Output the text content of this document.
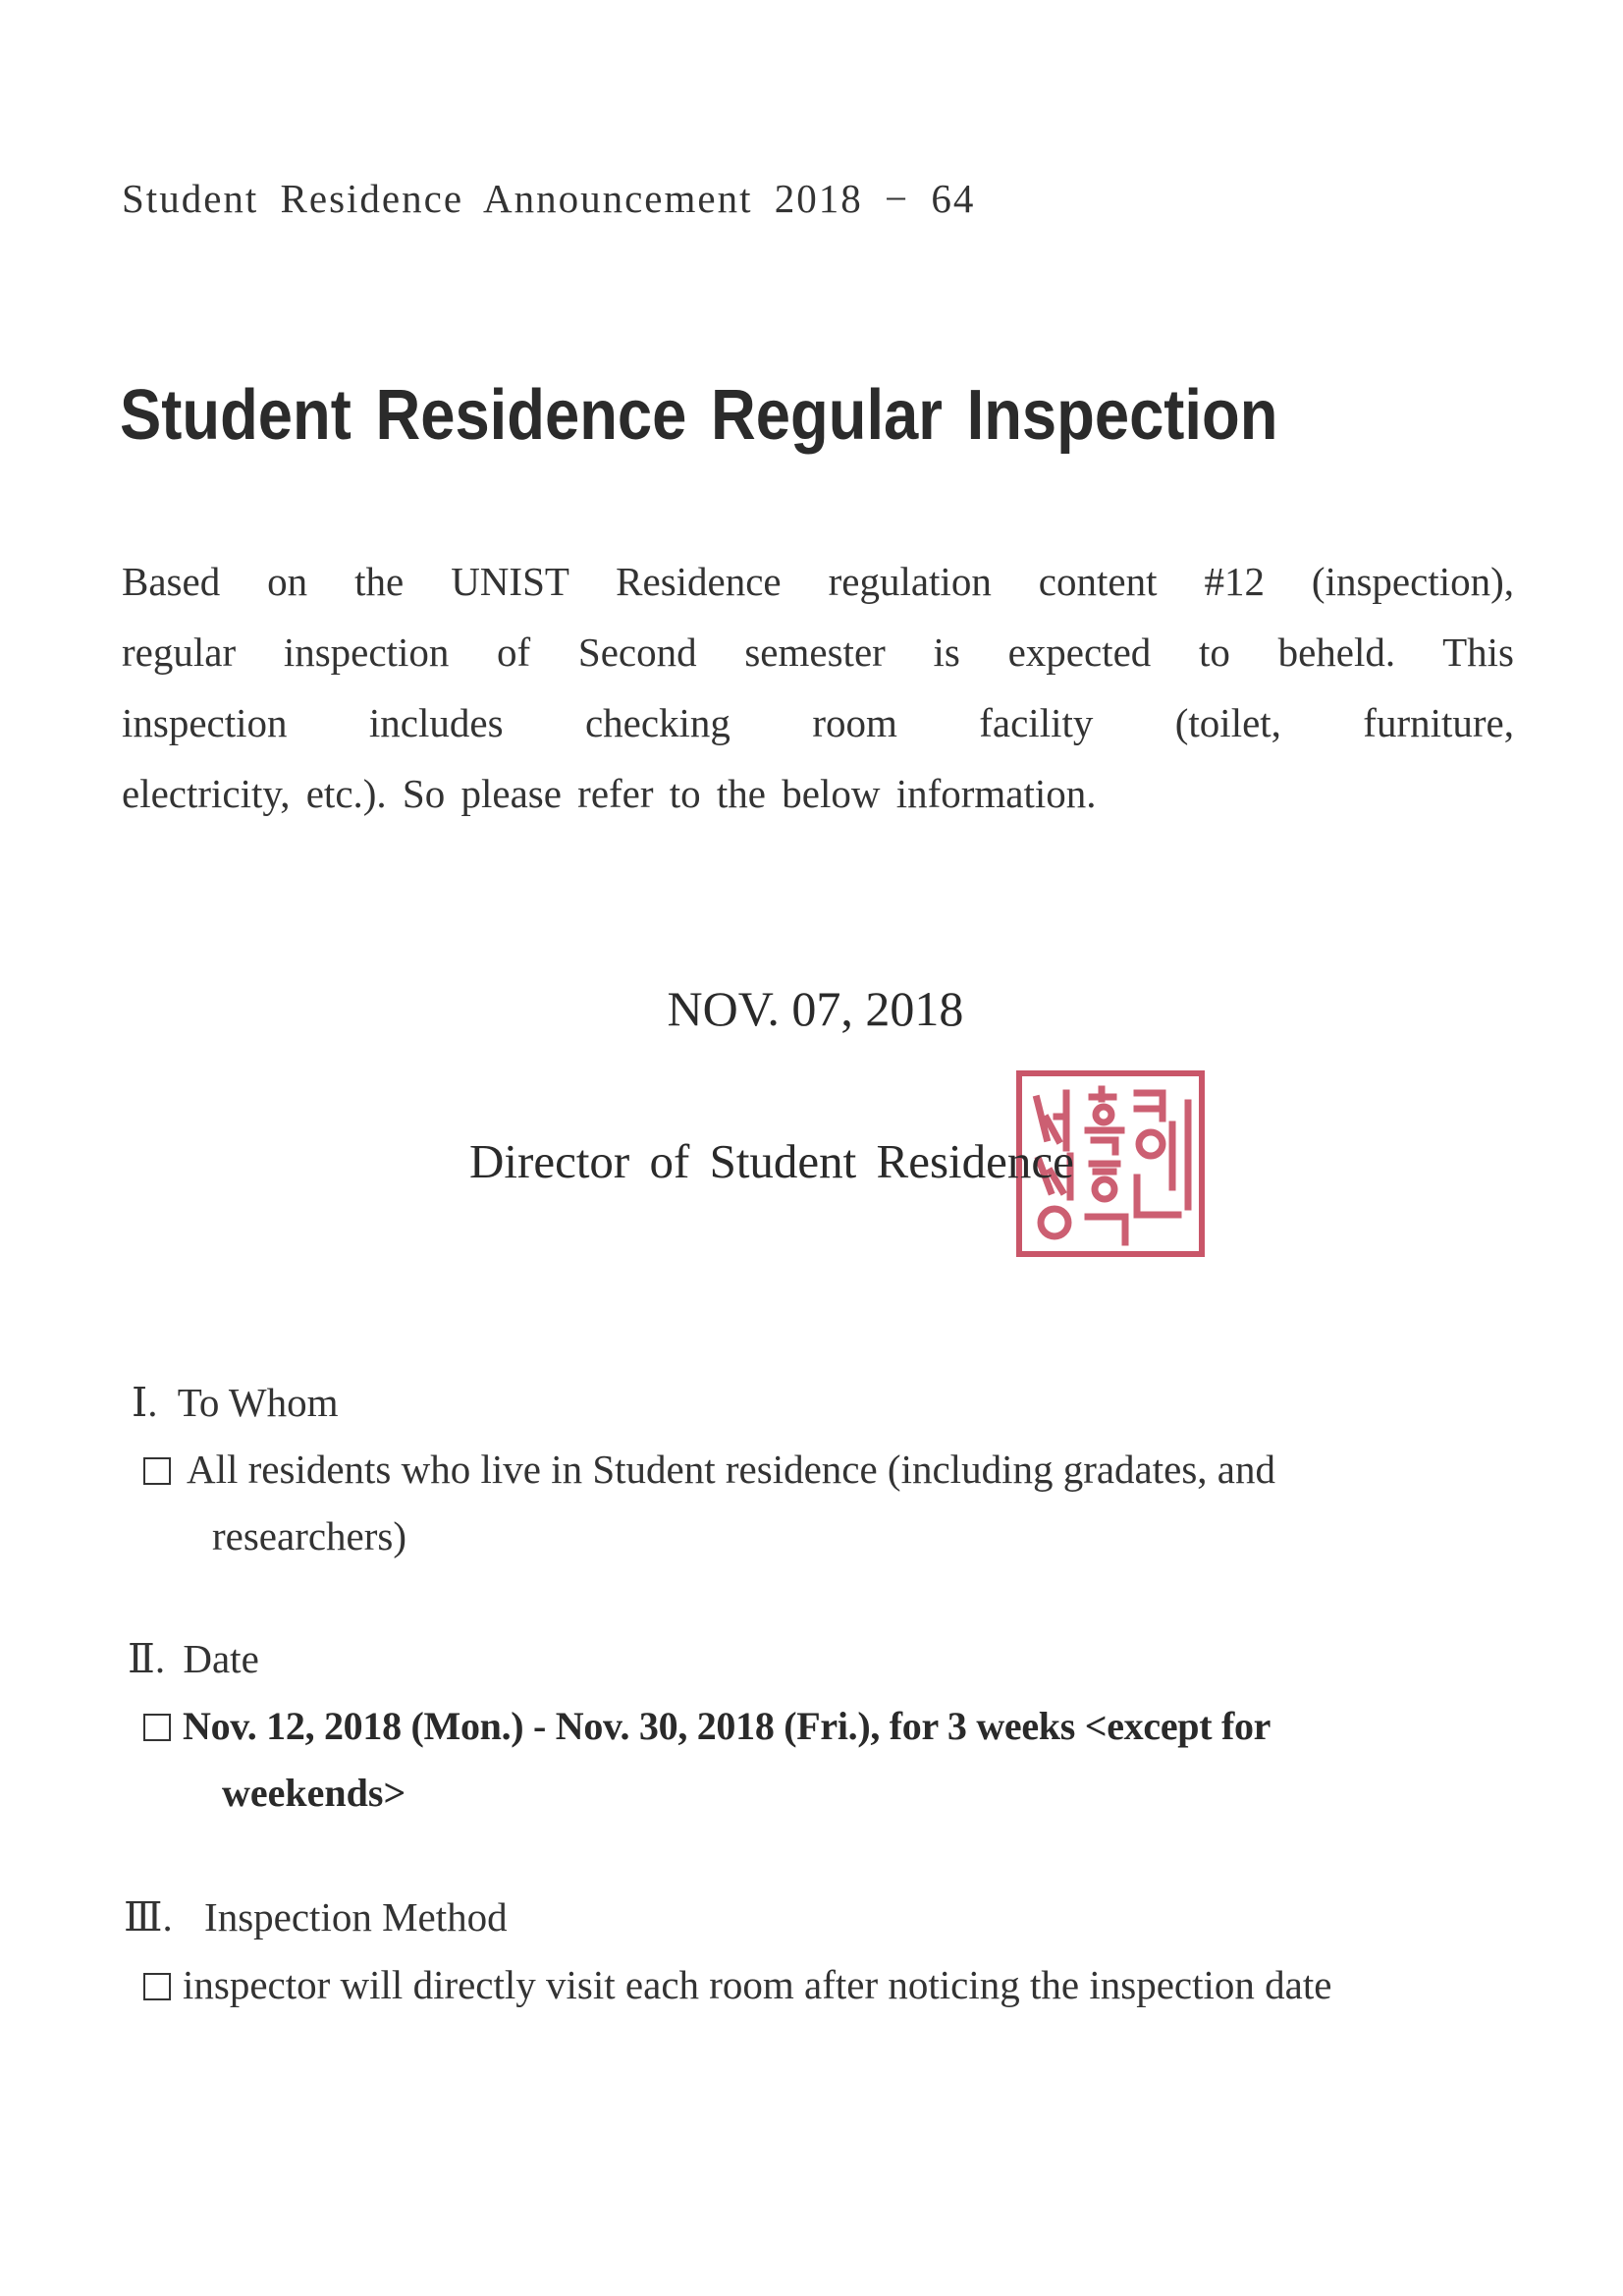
Student Residence Announcement 2018 − 64
Student Residence Regular Inspection
Based on the UNIST Residence regulation content #12 (inspection),
regular inspection of Second semester is expected to beheld. This
inspection includes checking room facility (toilet, furniture,
electricity, etc.). So please refer to the below information.
NOV. 07, 2018
Director of Student Residence
Ⅰ. To Whom
All residents who live in Student residence (including gradates, and
researchers)
Ⅱ. Date
Nov. 12, 2018 (Mon.) - Nov. 30, 2018 (Fri.), for 3 weeks <except for
weekends>
Ⅲ. Inspection Method
inspector will directly visit each room after noticing the inspection date
